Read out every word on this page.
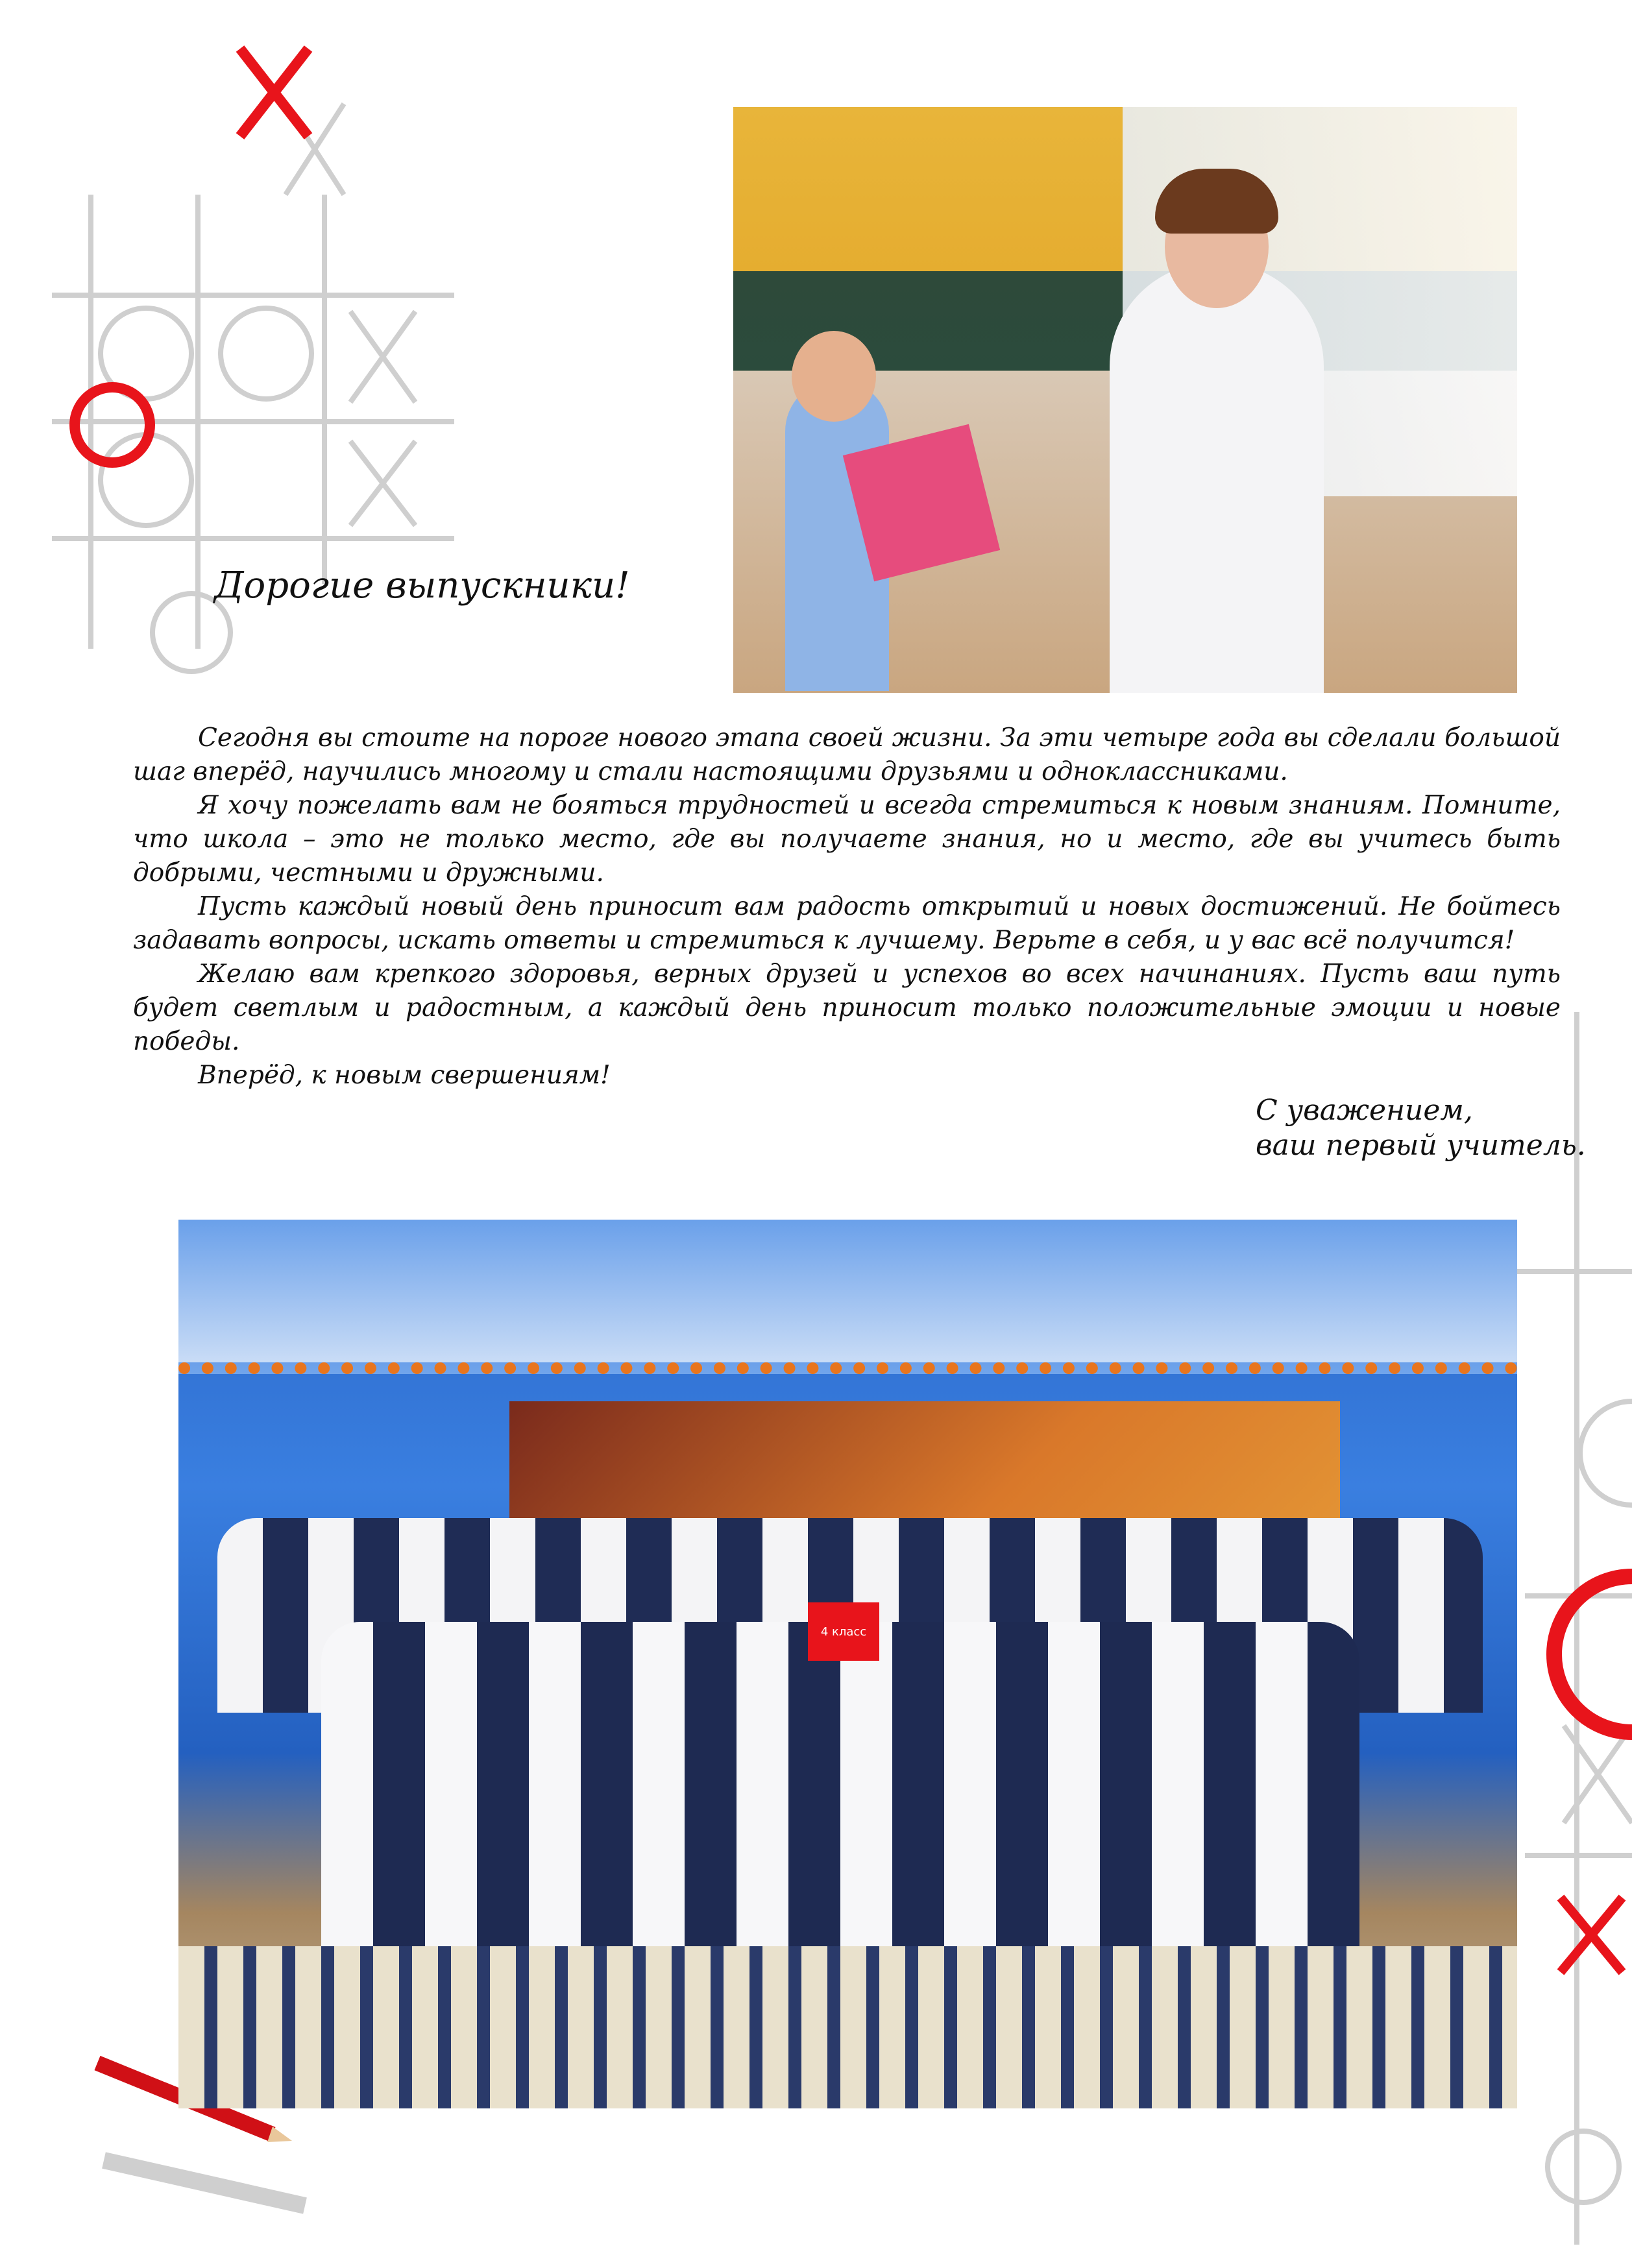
Дорогие выпускники!

Сегодня вы стоите на пороге нового этапа своей жизни. За эти четыре года вы сделали большой шаг вперёд, научились многому и стали настоящими друзьями и одноклассниками.

Я хочу пожелать вам не бояться трудностей и всегда стремиться к новым знаниям. Помните, что школа – это не только место, где вы получаете знания, но и место, где вы учитесь быть добрыми, честными и дружными.

Пусть каждый новый день приносит вам радость открытий и новых достижений. Не бойтесь задавать вопросы, искать ответы и стремиться к лучшему. Верьте в себя, и у вас всё получится!

Желаю вам крепкого здоровья, верных друзей и успехов во всех начинаниях. Пусть ваш путь будет светлым и радостным, а каждый день приносит только положительные эмоции и новые победы.

Вперёд, к новым свершениям!

С уважением,
ваш первый учитель.
4 класс
